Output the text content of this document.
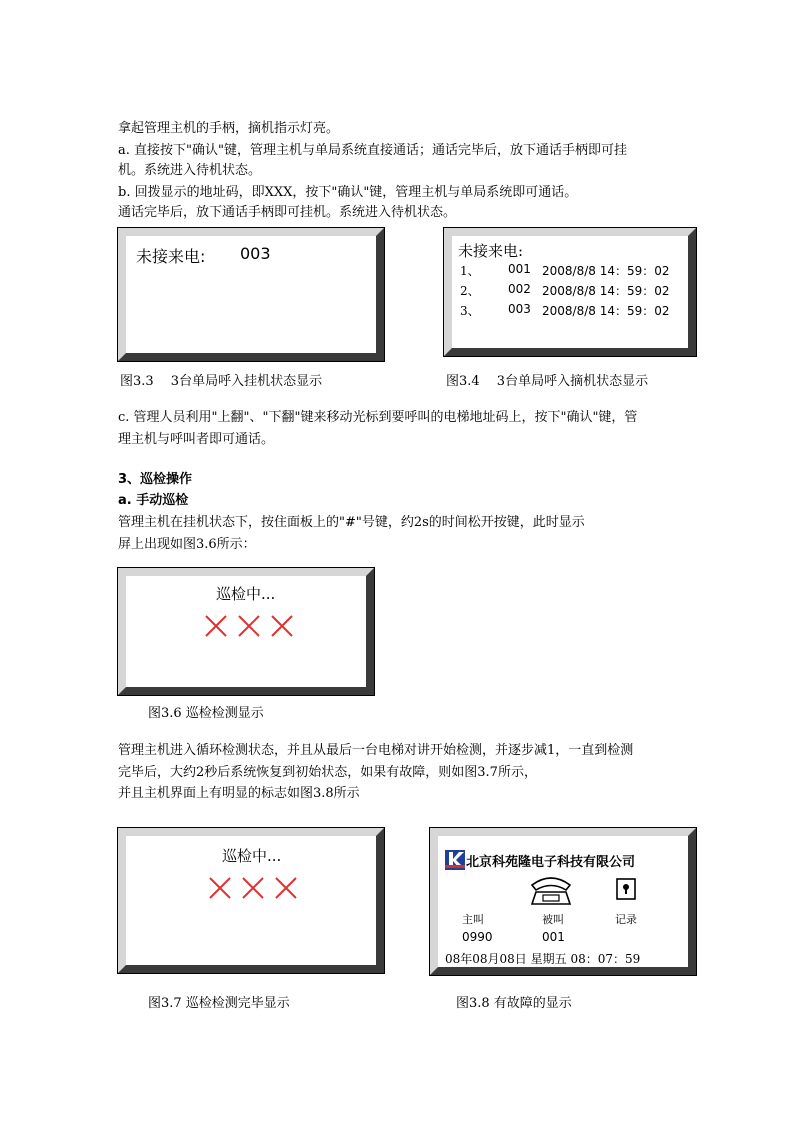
拿起管理主机的手柄，摘机指示灯亮。
a. 直接按下"确认"键，管理主机与单局系统直接通话；通话完毕后，放下通话手柄即可挂
机。系统进入待机状态。
b. 回拨显示的地址码，即XXX，按下"确认"键，管理主机与单局系统即可通话。
通话完毕后，放下通话手柄即可挂机。系统进入待机状态。
未接来电: 003
图3.3　 3台单局呼入挂机状态显示
未接来电:
1、 001 2008/8/8 14：59：02
2、 002 2008/8/8 14：59：02
3、 003 2008/8/8 14：59：02
图3.4　 3台单局呼入摘机状态显示
c. 管理人员利用"上翻"、"下翻"键来移动光标到要呼叫的电梯地址码上，按下"确认"键，管
理主机与呼叫者即可通话。
3、巡检操作
a. 手动巡检
管理主机在挂机状态下，按住面板上的"#"号键，约2s的时间松开按键，此时显示
屏上出现如图3.6所示：
巡检中...
图3.6 巡检检测显示
管理主机进入循环检测状态，并且从最后一台电梯对讲开始检测，并逐步减1，一直到检测
完毕后，大约2秒后系统恢复到初始状态，如果有故障，则如图3.7所示，
并且主机界面上有明显的标志如图3.8所示
巡检中...
图3.7 巡检检测完毕显示
北京科苑隆电子科技有限公司
主叫	被叫	记录
0990	001
08年08月08日 星期五 08：07：59
图3.8 有故障的显示
